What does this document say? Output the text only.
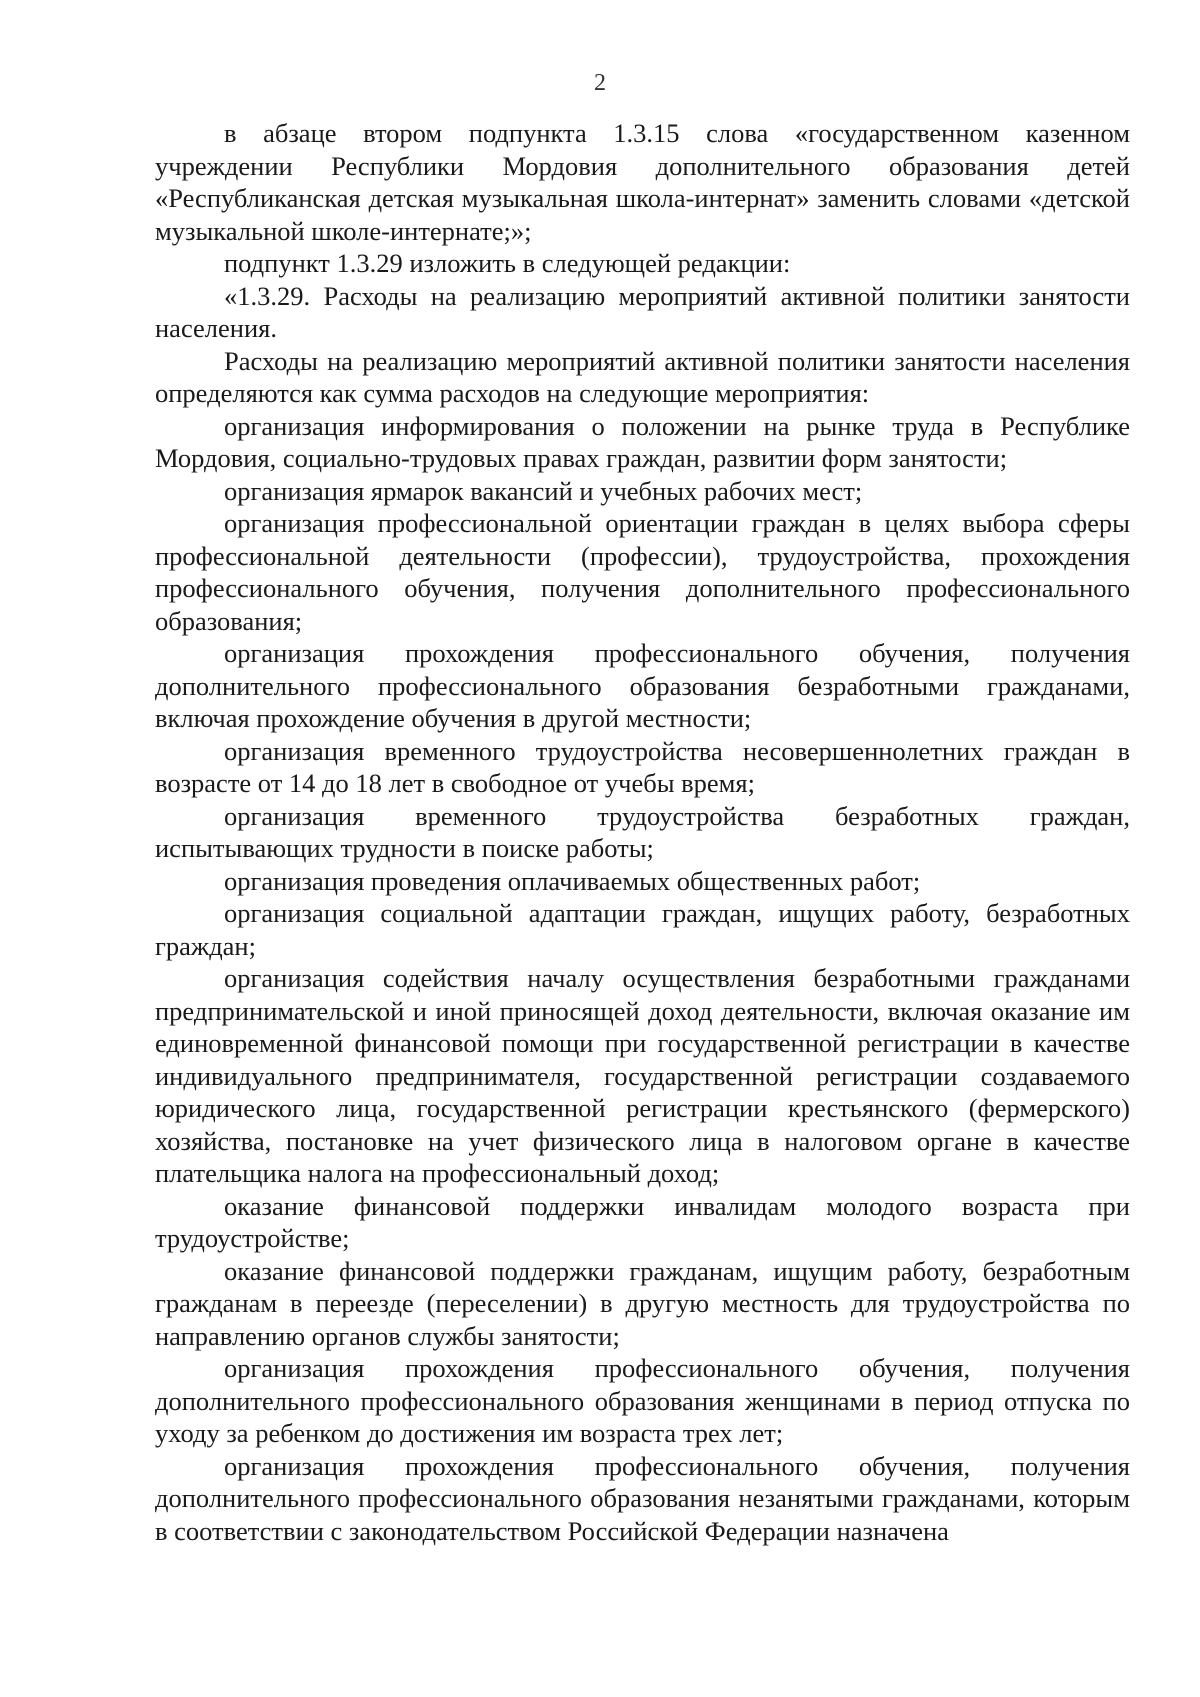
2

в абзаце втором подпункта 1.3.15 слова «государственном казенном учреждении Республики Мордовия дополнительного образования детей «Республиканская детская музыкальная школа-интернат» заменить словами «детской музыкальной школе-интернате;»;

подпункт 1.3.29 изложить в следующей редакции:

«1.3.29. Расходы на реализацию мероприятий активной политики занятости населения.

Расходы на реализацию мероприятий активной политики занятости населения определяются как сумма расходов на следующие мероприятия:

организация информирования о положении на рынке труда в Республике Мордовия, социально-трудовых правах граждан, развитии форм занятости;

организация ярмарок вакансий и учебных рабочих мест;

организация профессиональной ориентации граждан в целях выбора сферы профессиональной деятельности (профессии), трудоустройства, прохождения профессионального обучения, получения дополнительного профессионального образования;

организация прохождения профессионального обучения, получения дополнительного профессионального образования безработными гражданами, включая прохождение обучения в другой местности;

организация временного трудоустройства несовершеннолетних граждан в возрасте от 14 до 18 лет в свободное от учебы время;

организация временного трудоустройства безработных граждан, испытывающих трудности в поиске работы;

организация проведения оплачиваемых общественных работ;

организация социальной адаптации граждан, ищущих работу, безработных граждан;

организация содействия началу осуществления безработными гражданами предпринимательской и иной приносящей доход деятельности, включая оказание им единовременной финансовой помощи при государственной регистрации в качестве индивидуального предпринимателя, государственной регистрации создаваемого юридического лица, государственной регистрации крестьянского (фермерского) хозяйства, постановке на учет физического лица в налоговом органе в качестве плательщика налога на профессиональный доход;

оказание финансовой поддержки инвалидам молодого возраста при трудоустройстве;

оказание финансовой поддержки гражданам, ищущим работу, безработным гражданам в переезде (переселении) в другую местность для трудоустройства по направлению органов службы занятости;

организация прохождения профессионального обучения, получения дополнительного профессионального образования женщинами в период отпуска по уходу за ребенком до достижения им возраста трех лет;

организация прохождения профессионального обучения, получения дополнительного профессионального образования незанятыми гражданами, которым в соответствии с законодательством Российской Федерации назначена
